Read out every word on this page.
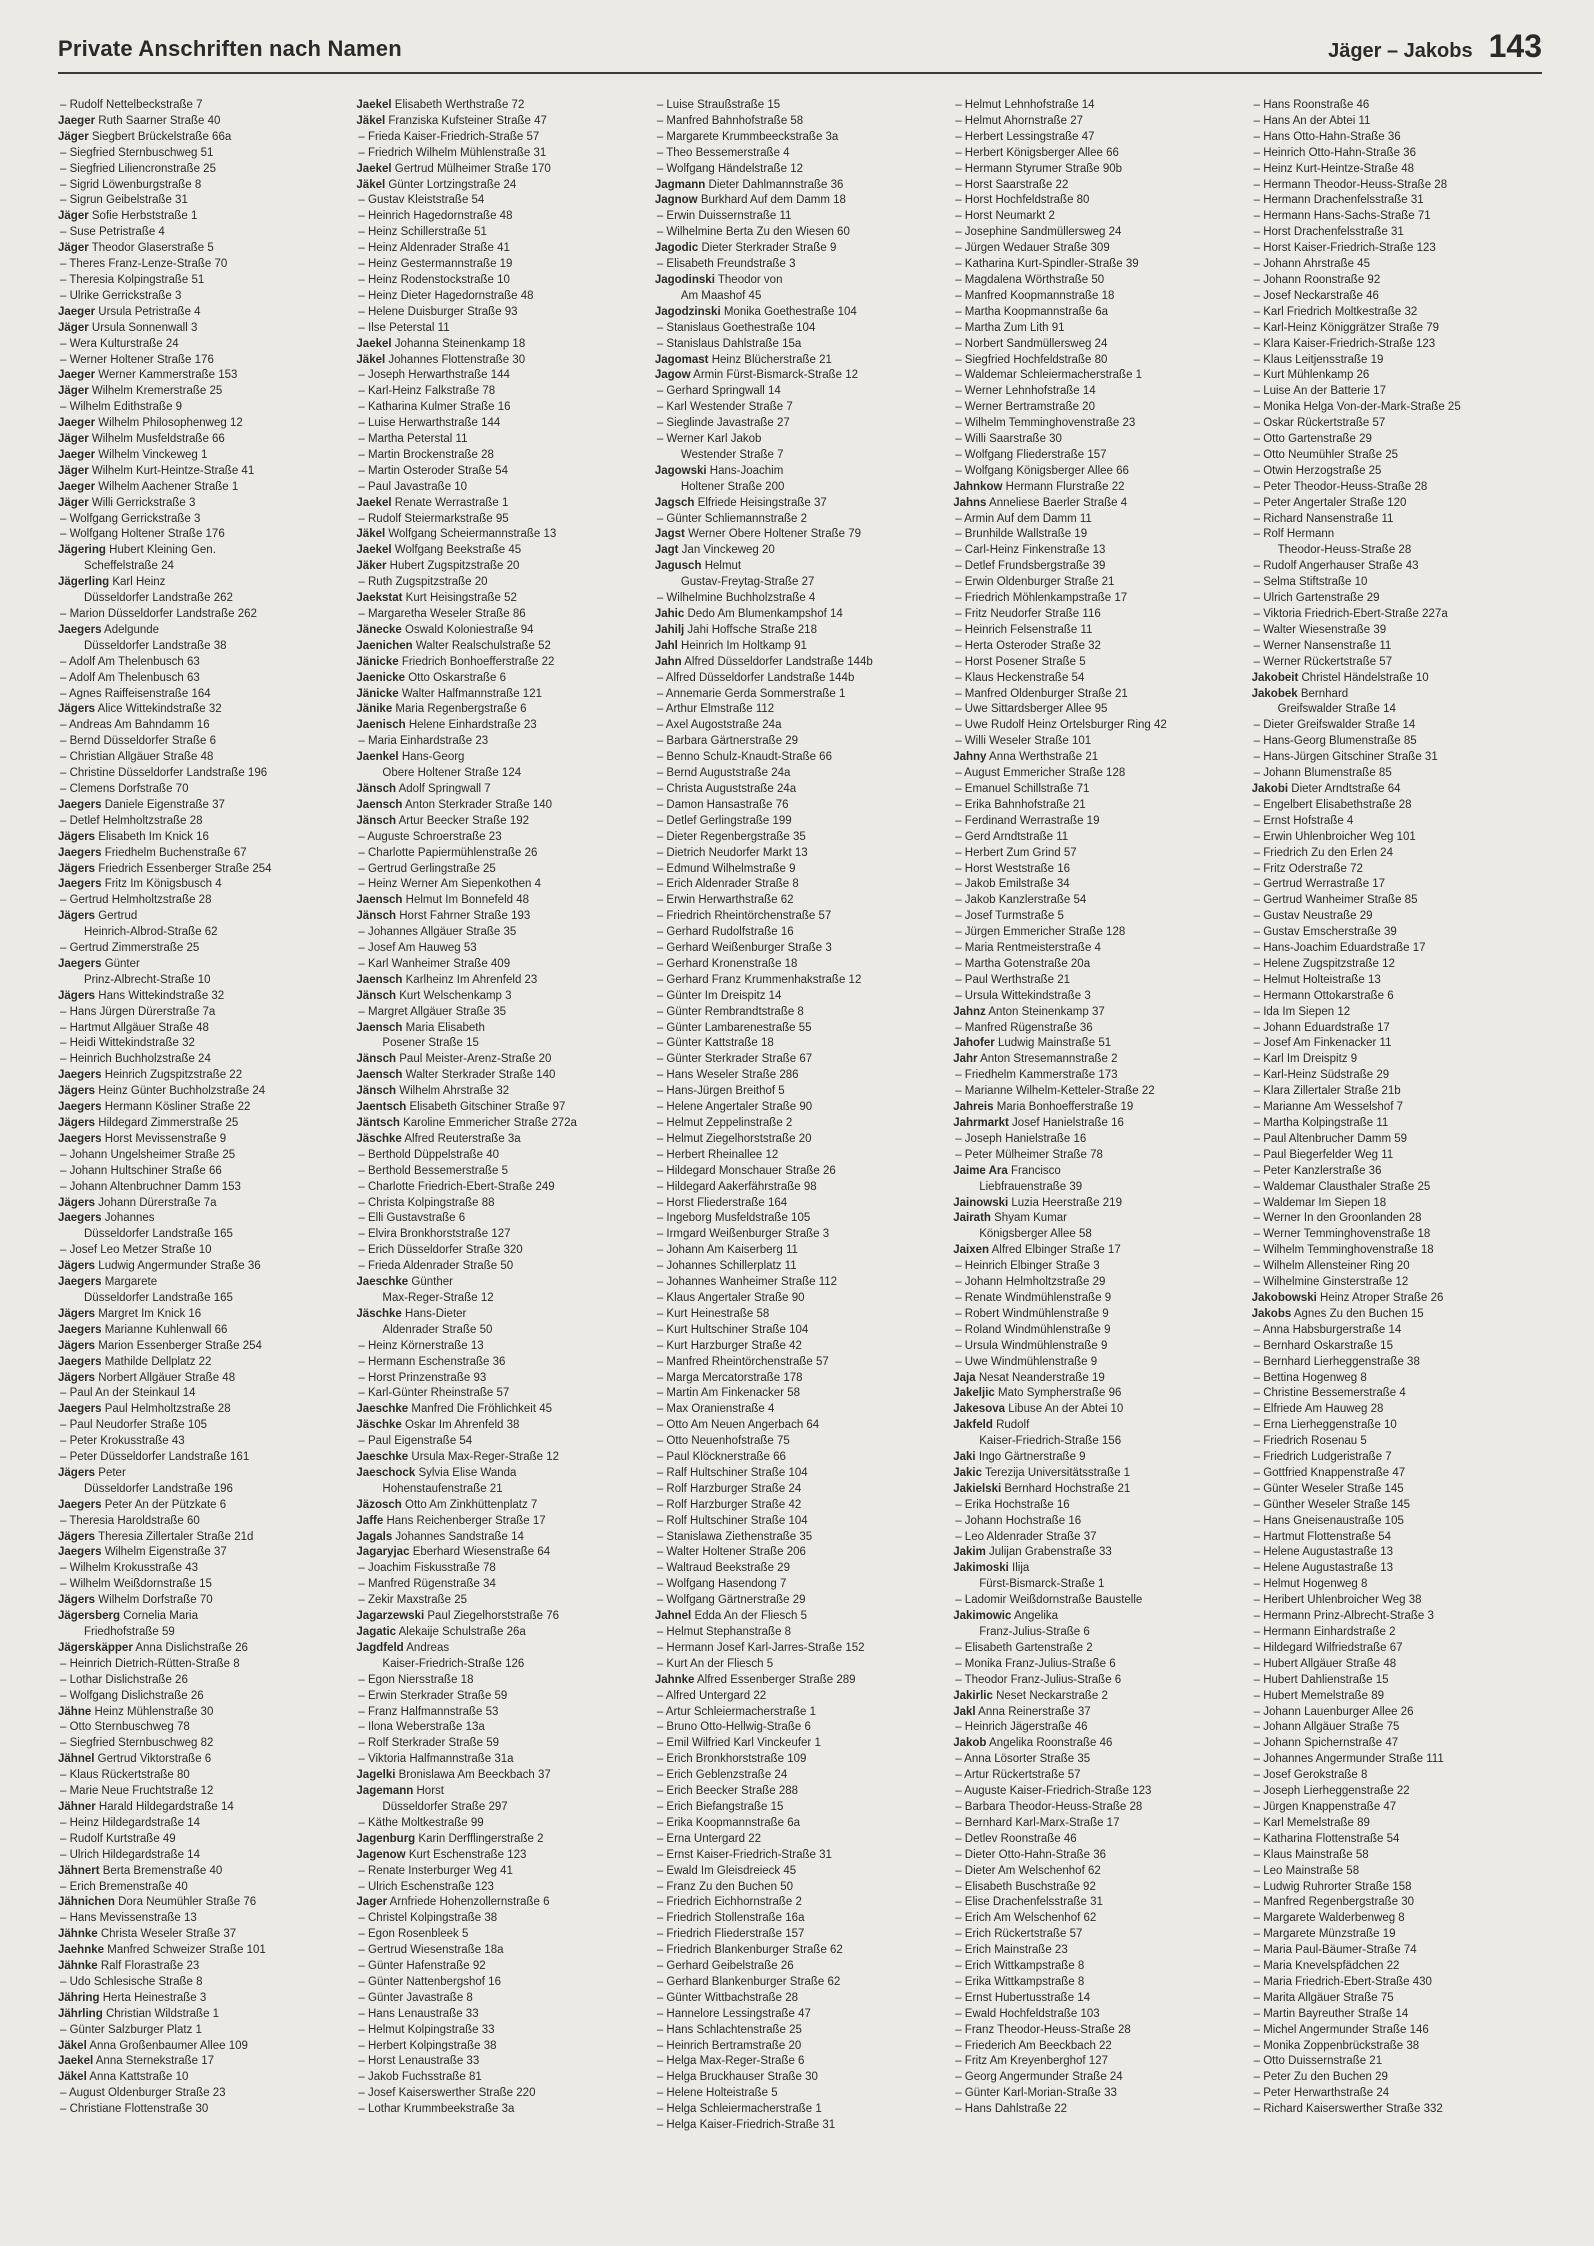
Private Anschriften nach Namen	Jäger – Jakobs 143
– Rudolf Nettelbeckstraße 7
Jaeger Ruth Saarner Straße 40
Jäger Siegbert Brückelstraße 66a
– Siegfried Sternbuschweg 51
– Siegfried Liliencronstraße 25
– Sigrid Löwenburgstraße 8
– Sigrun Geibelstraße 31
Jäger Sofie Herbststraße 1
– Suse Petristraße 4
Jäger Theodor Glaserstraße 5
– Theres Franz-Lenze-Straße 70
– Theresia Kolpingstraße 51
– Ulrike Gerrickstraße 3
Jaeger Ursula Petristraße 4
Jäger Ursula Sonnenwall 3
– Wera Kulturstraße 24
– Werner Holtener Straße 176
Jaeger Werner Kammerstraße 153
Jäger Wilhelm Kremerstraße 25
– Wilhelm Edithstraße 9
Jaeger Wilhelm Philosophenweg 12
Jäger Wilhelm Musfeldstraße 66
Jaeger Wilhelm Vinckeweg 1
Jäger Wilhelm Kurt-Heintze-Straße 41
Jaeger Wilhelm Aachener Straße 1
Jäger Willi Gerrickstraße 3
– Wolfgang Gerrickstraße 3
– Wolfgang Holtener Straße 176
Jägering Hubert Kleining Gen.
Scheffelstraße 24
Jägerling Karl Heinz
Düsseldorfer Landstraße 262
– Marion Düsseldorfer Landstraße 262
Jaegers Adelgunde
Düsseldorfer Landstraße 38
– Adolf Am Thelenbusch 63
– Adolf Am Thelenbusch 63
– Agnes Raiffeisenstraße 164
Jägers Alice Wittekindstraße 32
– Andreas Am Bahndamm 16
– Bernd Düsseldorfer Straße 6
– Christian Allgäuer Straße 48
– Christine Düsseldorfer Landstraße 196
– Clemens Dorfstraße 70
Jaegers Daniele Eigenstraße 37
– Detlef Helmholtzstraße 28
Jägers Elisabeth Im Knick 16
Jaegers Friedhelm Buchenstraße 67
Jägers Friedrich Essenberger Straße 254
Jaegers Fritz Im Königsbusch 4
– Gertrud Helmholtzstraße 28
Jägers Gertrud
Heinrich-Albrod-Straße 62
– Gertrud Zimmerstraße 25
Jaegers Günter
Prinz-Albrecht-Straße 10
Jägers Hans Wittekindstraße 32
– Hans Jürgen Dürerstraße 7a
– Hartmut Allgäuer Straße 48
– Heidi Wittekindstraße 32
– Heinrich Buchholzstraße 24
Jaegers Heinrich Zugspitzstraße 22
Jägers Heinz Günter Buchholzstraße 24
Jaegers Hermann Kösliner Straße 22
Jägers Hildegard Zimmerstraße 25
Jaegers Horst Mevissenstraße 9
– Johann Ungelsheimer Straße 25
– Johann Hultschiner Straße 66
– Johann Altenbruchner Damm 153
Jägers Johann Dürerstraße 7a
Jaegers Johannes
Düsseldorfer Landstraße 165
– Josef Leo Metzer Straße 10
Jägers Ludwig Angermunder Straße 36
Jaegers Margarete
Düsseldorfer Landstraße 165
Jägers Margret Im Knick 16
Jaegers Marianne Kuhlenwall 66
Jägers Marion Essenberger Straße 254
Jaegers Mathilde Dellplatz 22
Jägers Norbert Allgäuer Straße 48
– Paul An der Steinkaul 14
Jaegers Paul Helmholtzstraße 28
– Paul Neudorfer Straße 105
– Peter Krokusstraße 43
– Peter Düsseldorfer Landstraße 161
Jägers Peter
Düsseldorfer Landstraße 196
Jaegers Peter An der Pützkate 6
– Theresia Haroldstraße 60
Jägers Theresia Zillertaler Straße 21d
Jaegers Wilhelm Eigenstraße 37
– Wilhelm Krokusstraße 43
– Wilhelm Weißdornstraße 15
Jägers Wilhelm Dorfstraße 70
Jägersberg Cornelia Maria
Friedhofstraße 59
Jägerskäpper Anna Dislichstraße 26
– Heinrich Dietrich-Rütten-Straße 8
– Lothar Dislichstraße 26
– Wolfgang Dislichstraße 26
Jähne Heinz Mühlenstraße 30
– Otto Sternbuschweg 78
– Siegfried Sternbuschweg 82
Jähnel Gertrud Viktorstraße 6
– Klaus Rückertstraße 80
– Marie Neue Fruchtstraße 12
Jähner Harald Hildegardstraße 14
– Heinz Hildegardstraße 14
– Rudolf Kurtstraße 49
– Ulrich Hildegardstraße 14
Jähnert Berta Bremenstraße 40
– Erich Bremenstraße 40
Jähnichen Dora Neumühler Straße 76
– Hans Mevissenstraße 13
Jähnke Christa Weseler Straße 37
Jaehnke Manfred Schweizer Straße 101
Jähnke Ralf Florastraße 23
– Udo Schlesische Straße 8
Jähring Herta Heinestraße 3
Jährling Christian Wildstraße 1
– Günter Salzburger Platz 1
Jäkel Anna Großenbaumer Allee 109
Jaekel Anna Sternekstraße 17
Jäkel Anna Kattstraße 10
– August Oldenburger Straße 23
– Christiane Flottenstraße 30
Jaekel Elisabeth Werthstraße 72
Jäkel Franziska Kufsteiner Straße 47
– Frieda Kaiser-Friedrich-Straße 57
– Friedrich Wilhelm Mühlenstraße 31
Jaekel Gertrud Mülheimer Straße 170
Jäkel Günter Lortzingstraße 24
– Gustav Kleiststraße 54
– Heinrich Hagedornstraße 48
– Heinz Schillerstraße 51
– Heinz Aldenrader Straße 41
– Heinz Gestermannstraße 19
– Heinz Rodenstockstraße 10
– Heinz Dieter Hagedornstraße 48
– Helene Duisburger Straße 93
– Ilse Peterstal 11
Jaekel Johanna Steinenkamp 18
Jäkel Johannes Flottenstraße 30
– Joseph Herwarthstraße 144
– Karl-Heinz Falkstraße 78
– Katharina Kulmer Straße 16
– Luise Herwarthstraße 144
– Martha Peterstal 11
– Martin Brockenstraße 28
– Martin Osteroder Straße 54
– Paul Javastraße 10
Jaekel Renate Werrastraße 1
– Rudolf Steiermarkstraße 95
Jäkel Wolfgang Scheiermannstraße 13
Jaekel Wolfgang Beekstraße 45
Jäker Hubert Zugspitzstraße 20
– Ruth Zugspitzstraße 20
Jaekstat Kurt Heisingstraße 52
– Margaretha Weseler Straße 86
Jänecke Oswald Koloniestraße 94
Jaenichen Walter Realschulstraße 52
Jänicke Friedrich Bonhoefferstraße 22
Jaenicke Otto Oskarstraße 6
Jänicke Walter Halfmannstraße 121
Jänike Maria Regenbergstraße 6
Jaenisch Helene Einhardstraße 23
– Maria Einhardstraße 23
Jaenkel Hans-Georg
Obere Holtener Straße 124
Jänsch Adolf Springwall 7
Jaensch Anton Sterkrader Straße 140
Jänsch Artur Beecker Straße 192
– Auguste Schroerstraße 23
– Charlotte Papiermühlenstraße 26
– Gertrud Gerlingstraße 25
– Heinz Werner Am Siepenkothen 4
Jaensch Helmut Im Bonnefeld 48
Jänsch Horst Fahrner Straße 193
– Johannes Allgäuer Straße 35
– Josef Am Hauweg 53
– Karl Wanheimer Straße 409
Jaensch Karlheinz Im Ahrenfeld 23
Jänsch Kurt Welschenkamp 3
– Margret Allgäuer Straße 35
Jaensch Maria Elisabeth
Posener Straße 15
Jänsch Paul Meister-Arenz-Straße 20
Jaensch Walter Sterkrader Straße 140
Jänsch Wilhelm Ahrstraße 32
Jaentsch Elisabeth Gitschiner Straße 97
Jäntsch Karoline Emmericher Straße 272a
Jäschke Alfred Reuterstraße 3a
– Berthold Düppelstraße 40
– Berthold Bessemerstraße 5
– Charlotte Friedrich-Ebert-Straße 249
– Christa Kolpingstraße 88
– Elli Gustavstraße 6
– Elvira Bronkhorststraße 127
– Erich Düsseldorfer Straße 320
– Frieda Aldenrader Straße 50
Jaeschke Günther
Max-Reger-Straße 12
Jäschke Hans-Dieter
Aldenrader Straße 50
– Heinz Körnerstraße 13
– Hermann Eschenstraße 36
– Horst Prinzenstraße 93
– Karl-Günter Rheinstraße 57
Jaeschke Manfred Die Fröhlichkeit 45
Jäschke Oskar Im Ahrenfeld 38
– Paul Eigenstraße 54
Jaeschke Ursula Max-Reger-Straße 12
Jaeschock Sylvia Elise Wanda
Hohenstaufenstraße 21
Jäzosch Otto Am Zinkhüttenplatz 7
Jaffe Hans Reichenberger Straße 17
Jagals Johannes Sandstraße 14
Jagaryjac Eberhard Wiesenstraße 64
– Joachim Fiskusstraße 78
– Manfred Rügenstraße 34
– Zekir Maxstraße 25
Jagarzewski Paul Ziegelhorststraße 76
Jagatic Alekaije Schulstraße 26a
Jagdfeld Andreas
Kaiser-Friedrich-Straße 126
– Egon Niersstraße 18
– Erwin Sterkrader Straße 59
– Franz Halfmannstraße 53
– Ilona Weberstraße 13a
– Rolf Sterkrader Straße 59
– Viktoria Halfmannstraße 31a
Jagelki Bronislawa Am Beeckbach 37
Jagemann Horst
Düsseldorfer Straße 297
– Käthe Moltkestraße 99
Jagenburg Karin Derfflingerstraße 2
Jagenow Kurt Eschenstraße 123
– Renate Insterburger Weg 41
– Ulrich Eschenstraße 123
Jager Arnfriede Hohenzollernstraße 6
– Christel Kolpingstraße 38
– Egon Rosenbleek 5
– Gertrud Wiesenstraße 18a
– Günter Hafenstraße 92
– Günter Nattenbergshof 16
– Günter Javastraße 8
– Hans Lenaustraße 33
– Helmut Kolpingstraße 33
– Herbert Kolpingstraße 38
– Horst Lenaustraße 33
– Jakob Fuchsstraße 81
– Josef Kaiserswerther Straße 220
– Lothar Krummbeekstraße 3a
– Luise Straußstraße 15
– Manfred Bahnhofstraße 58
– Margarete Krummbeeckstraße 3a
– Theo Bessemerstraße 4
– Wolfgang Händelstraße 12
Jagmann Dieter Dahlmannstraße 36
Jagnow Burkhard Auf dem Damm 18
– Erwin Duissernstraße 11
– Wilhelmine Berta Zu den Wiesen 60
Jagodic Dieter Sterkrader Straße 9
– Elisabeth Freundstraße 3
Jagodinski Theodor von
Am Maashof 45
Jagodzinski Monika Goethestraße 104
– Stanislaus Goethestraße 104
– Stanislaus Dahlstraße 15a
Jagomast Heinz Blücherstraße 21
Jagow Armin Fürst-Bismarck-Straße 12
– Gerhard Springwall 14
– Karl Westender Straße 7
– Sieglinde Javastraße 27
– Werner Karl Jakob
Westender Straße 7
Jagowski Hans-Joachim
Holtener Straße 200
Jagsch Elfriede Heisingstraße 37
– Günter Schliemannstraße 2
Jagst Werner Obere Holtener Straße 79
Jagt Jan Vinckeweg 20
Jagusch Helmut
Gustav-Freytag-Straße 27
– Wilhelmine Buchholzstraße 4
Jahic Dedo Am Blumenkampshof 14
Jahilj Jahi Hoffsche Straße 218
Jahl Heinrich Im Holtkamp 91
Jahn Alfred Düsseldorfer Landstraße 144b
– Alfred Düsseldorfer Landstraße 144b
– Annemarie Gerda Sommerstraße 1
– Arthur Elmstraße 112
– Axel Augoststraße 24a
– Barbara Gärtnerstraße 29
– Benno Schulz-Knaudt-Straße 66
– Bernd Auguststraße 24a
– Christa Auguststraße 24a
– Damon Hansastraße 76
– Detlef Gerlingstraße 199
– Dieter Regenbergstraße 35
– Dietrich Neudorfer Markt 13
– Edmund Wilhelmstraße 9
– Erich Aldenrader Straße 8
– Erwin Herwarthstraße 62
– Friedrich Rheintörchenstraße 57
– Gerhard Rudolfstraße 16
– Gerhard Weißenburger Straße 3
– Gerhard Kronenstraße 18
– Gerhard Franz Krummenhakstraße 12
– Günter Im Dreispitz 14
– Günter Rembrandtstraße 8
– Günter Lambarenestraße 55
– Günter Kattstraße 18
– Günter Sterkrader Straße 67
– Hans Weseler Straße 286
– Hans-Jürgen Breithof 5
– Helene Angertaler Straße 90
– Helmut Zeppelinstraße 2
– Helmut Ziegelhorststraße 20
– Herbert Rheinallee 12
– Hildegard Monschauer Straße 26
– Hildegard Aakerfährstraße 98
– Horst Fliederstraße 164
– Ingeborg Musfeldstraße 105
– Irmgard Weißenburger Straße 3
– Johann Am Kaiserberg 11
– Johannes Schillerplatz 11
– Johannes Wanheimer Straße 112
– Klaus Angertaler Straße 90
– Kurt Heinestraße 58
– Kurt Hultschiner Straße 104
– Kurt Harzburger Straße 42
– Manfred Rheintörchenstraße 57
– Marga Mercatorstraße 178
– Martin Am Finkenacker 58
– Max Oranienstraße 4
– Otto Am Neuen Angerbach 64
– Otto Neuenhofstraße 75
– Paul Klöcknerstraße 66
– Ralf Hultschiner Straße 104
– Rolf Harzburger Straße 24
– Rolf Harzburger Straße 42
– Rolf Hultschiner Straße 104
– Stanislawa Ziethenstraße 35
– Walter Holtener Straße 206
– Waltraud Beekstraße 29
– Wolfgang Hasendong 7
– Wolfgang Gärtnerstraße 29
Jahnel Edda An der Fliesch 5
– Helmut Stephanstraße 8
– Hermann Josef Karl-Jarres-Straße 152
– Kurt An der Fliesch 5
Jahnke Alfred Essenberger Straße 289
– Alfred Untergard 22
– Artur Schleiermacherstraße 1
– Bruno Otto-Hellwig-Straße 6
– Emil Wilfried Karl Vinckeufer 1
– Erich Bronkhorststraße 109
– Erich Geblenzstraße 24
– Erich Beecker Straße 288
– Erich Biefangstraße 15
– Erika Koopmannstraße 6a
– Erna Untergard 22
– Ernst Kaiser-Friedrich-Straße 31
– Ewald Im Gleisdreieck 45
– Franz Zu den Buchen 50
– Friedrich Eichhornstraße 2
– Friedrich Stollenstraße 16a
– Friedrich Fliederstraße 157
– Friedrich Blankenburger Straße 62
– Gerhard Geibelstraße 26
– Gerhard Blankenburger Straße 62
– Günter Wittbachstraße 28
– Hannelore Lessingstraße 47
– Hans Schlachtenstraße 25
– Heinrich Bertramstraße 20
– Helga Max-Reger-Straße 6
– Helga Bruckhauser Straße 30
– Helene Holteistraße 5
– Helga Schleiermacherstraße 1
– Helga Kaiser-Friedrich-Straße 31
– Helmut Lehnhofstraße 14
– Helmut Ahornstraße 27
– Herbert Lessingstraße 47
– Herbert Königsberger Allee 66
– Hermann Styrumer Straße 90b
– Horst Saarstraße 22
– Horst Hochfeldstraße 80
– Horst Neumarkt 2
– Josephine Sandmüllersweg 24
– Jürgen Wedauer Straße 309
– Katharina Kurt-Spindler-Straße 39
– Magdalena Wörthstraße 50
– Manfred Koopmannstraße 18
– Martha Koopmannstraße 6a
– Martha Zum Lith 91
– Norbert Sandmüllersweg 24
– Siegfried Hochfeldstraße 80
– Waldemar Schleiermacherstraße 1
– Werner Lehnhofstraße 14
– Werner Bertramstraße 20
– Wilhelm Temminghovenstraße 23
– Willi Saarstraße 30
– Wolfgang Fliederstraße 157
– Wolfgang Königsberger Allee 66
Jahnkow Hermann Flurstraße 22
Jahns Anneliese Baerler Straße 4
– Armin Auf dem Damm 11
– Brunhilde Wallstraße 19
– Carl-Heinz Finkenstraße 13
– Detlef Frundsbergstraße 39
– Erwin Oldenburger Straße 21
– Friedrich Möhlenkampstraße 17
– Fritz Neudorfer Straße 116
– Heinrich Felsenstraße 11
– Herta Osteroder Straße 32
– Horst Posener Straße 5
– Klaus Heckenstraße 54
– Manfred Oldenburger Straße 21
– Uwe Sittardsberger Allee 95
– Uwe Rudolf Heinz Ortelsburger Ring 42
– Willi Weseler Straße 101
Jahny Anna Werthstraße 21
– August Emmericher Straße 128
– Emanuel Schillstraße 71
– Erika Bahnhofstraße 21
– Ferdinand Werrastraße 19
– Gerd Arndtstraße 11
– Herbert Zum Grind 57
– Horst Weststraße 16
– Jakob Emilstraße 34
– Jakob Kanzlerstraße 54
– Josef Turmstraße 5
– Jürgen Emmericher Straße 128
– Maria Rentmeisterstraße 4
– Martha Gotenstraße 20a
– Paul Werthstraße 21
– Ursula Wittekindstraße 3
Jahnz Anton Steinenkamp 37
– Manfred Rügenstraße 36
Jahofer Ludwig Mainstraße 51
Jahr Anton Stresemannstraße 2
– Friedhelm Kammerstraße 173
– Marianne Wilhelm-Ketteler-Straße 22
Jahreis Maria Bonhoefferstraße 19
Jahrmarkt Josef Hanielstraße 16
– Joseph Hanielstraße 16
– Peter Mülheimer Straße 78
Jaime Ara Francisco
Liebfrauenstraße 39
Jainowski Luzia Heerstraße 219
Jairath Shyam Kumar
Königsberger Allee 58
Jaixen Alfred Elbinger Straße 17
– Heinrich Elbinger Straße 3
– Johann Helmholtzstraße 29
– Renate Windmühlenstraße 9
– Robert Windmühlenstraße 9
– Roland Windmühlenstraße 9
– Ursula Windmühlenstraße 9
– Uwe Windmühlenstraße 9
Jaja Nesat Neanderstraße 19
Jakeljic Mato Sympherstraße 96
Jakesova Libuse An der Abtei 10
Jakfeld Rudolf
Kaiser-Friedrich-Straße 156
Jaki Ingo Gärtnerstraße 9
Jakic Terezija Universitätsstraße 1
Jakielski Bernhard Hochstraße 21
– Erika Hochstraße 16
– Johann Hochstraße 16
– Leo Aldenrader Straße 37
Jakim Julijan Grabenstraße 33
Jakimoski Ilija
Fürst-Bismarck-Straße 1
– Ladomir Weißdornstraße Baustelle
Jakimowic Angelika
Franz-Julius-Straße 6
– Elisabeth Gartenstraße 2
– Monika Franz-Julius-Straße 6
– Theodor Franz-Julius-Straße 6
Jakirlic Neset Neckarstraße 2
Jakl Anna Reinerstraße 37
– Heinrich Jägerstraße 46
Jakob Angelika Roonstraße 46
– Anna Lösorter Straße 35
– Artur Rückertstraße 57
– Auguste Kaiser-Friedrich-Straße 123
– Barbara Theodor-Heuss-Straße 28
– Bernhard Karl-Marx-Straße 17
– Detlev Roonstraße 46
– Dieter Otto-Hahn-Straße 36
– Dieter Am Welschenhof 62
– Elisabeth Buschstraße 92
– Elise Drachenfelsstraße 31
– Erich Am Welschenhof 62
– Erich Rückertstraße 57
– Erich Mainstraße 23
– Erich Wittkampstraße 8
– Erika Wittkampstraße 8
– Ernst Hubertusstraße 14
– Ewald Hochfeldstraße 103
– Franz Theodor-Heuss-Straße 28
– Friederich Am Beeckbach 22
– Fritz Am Kreyenberghof 127
– Georg Angermunder Straße 24
– Günter Karl-Morian-Straße 33
– Hans Dahlstraße 22
– Hans Roonstraße 46
– Hans An der Abtei 11
– Hans Otto-Hahn-Straße 36
– Heinrich Otto-Hahn-Straße 36
– Heinz Kurt-Heintze-Straße 48
– Hermann Theodor-Heuss-Straße 28
– Hermann Drachenfelsstraße 31
– Hermann Hans-Sachs-Straße 71
– Horst Drachenfelsstraße 31
– Horst Kaiser-Friedrich-Straße 123
– Johann Ahrstraße 45
– Johann Roonstraße 92
– Josef Neckarstraße 46
– Karl Friedrich Moltkestraße 32
– Karl-Heinz Königgrätzer Straße 79
– Klara Kaiser-Friedrich-Straße 123
– Klaus Leitjensstraße 19
– Kurt Mühlenkamp 26
– Luise An der Batterie 17
– Monika Helga Von-der-Mark-Straße 25
– Oskar Rückertstraße 57
– Otto Gartenstraße 29
– Otto Neumühler Straße 25
– Otwin Herzogstraße 25
– Peter Theodor-Heuss-Straße 28
– Peter Angertaler Straße 120
– Richard Nansenstraße 11
– Rolf Hermann
Theodor-Heuss-Straße 28
– Rudolf Angerhauser Straße 43
– Selma Stiftstraße 10
– Ulrich Gartenstraße 29
– Viktoria Friedrich-Ebert-Straße 227a
– Walter Wiesenstraße 39
– Werner Nansenstraße 11
– Werner Rückertstraße 57
Jakobeit Christel Händelstraße 10
Jakobek Bernhard
Greifswalder Straße 14
– Dieter Greifswalder Straße 14
– Hans-Georg Blumenstraße 85
– Hans-Jürgen Gitschiner Straße 31
– Johann Blumenstraße 85
Jakobi Dieter Arndtstraße 64
– Engelbert Elisabethstraße 28
– Ernst Hofstraße 4
– Erwin Uhlenbroicher Weg 101
– Friedrich Zu den Erlen 24
– Fritz Oderstraße 72
– Gertrud Werrastraße 17
– Gertrud Wanheimer Straße 85
– Gustav Neustraße 29
– Gustav Emscherstraße 39
– Hans-Joachim Eduardstraße 17
– Helene Zugspitzstraße 12
– Helmut Holteistraße 13
– Hermann Ottokarstraße 6
– Ida Im Siepen 12
– Johann Eduardstraße 17
– Josef Am Finkenacker 11
– Karl Im Dreispitz 9
– Karl-Heinz Südstraße 29
– Klara Zillertaler Straße 21b
– Marianne Am Wesselshof 7
– Martha Kolpingstraße 11
– Paul Altenbrucher Damm 59
– Paul Biegerfelder Weg 11
– Peter Kanzlerstraße 36
– Waldemar Clausthaler Straße 25
– Waldemar Im Siepen 18
– Werner In den Groonlanden 28
– Werner Temminghovenstraße 18
– Wilhelm Temminghovenstraße 18
– Wilhelm Allensteiner Ring 20
– Wilhelmine Ginsterstraße 12
Jakobowski Heinz Atroper Straße 26
Jakobs Agnes Zu den Buchen 15
– Anna Habsburgerstraße 14
– Bernhard Oskarstraße 15
– Bernhard Lierheggenstraße 38
– Bettina Hogenweg 8
– Christine Bessemerstraße 4
– Elfriede Am Hauweg 28
– Erna Lierheggenstraße 10
– Friedrich Rosenau 5
– Friedrich Ludgeristraße 7
– Gottfried Knappenstraße 47
– Günter Weseler Straße 145
– Günther Weseler Straße 145
– Hans Gneisenaustraße 105
– Hartmut Flottenstraße 54
– Helene Augustastraße 13
– Helene Augustastraße 13
– Helmut Hogenweg 8
– Heribert Uhlenbroicher Weg 38
– Hermann Prinz-Albrecht-Straße 3
– Hermann Einhardstraße 2
– Hildegard Wilfriedstraße 67
– Hubert Allgäuer Straße 48
– Hubert Dahlienstraße 15
– Hubert Memelstraße 89
– Johann Lauenburger Allee 26
– Johann Allgäuer Straße 75
– Johann Spichernstraße 47
– Johannes Angermunder Straße 111
– Josef Gerokstraße 8
– Joseph Lierheggenstraße 22
– Jürgen Knappenstraße 47
– Karl Memelstraße 89
– Katharina Flottenstraße 54
– Klaus Mainstraße 58
– Leo Mainstraße 58
– Ludwig Ruhrorter Straße 158
– Manfred Regenbergstraße 30
– Margarete Walderbenweg 8
– Margarete Münzstraße 19
– Maria Paul-Bäumer-Straße 74
– Maria Knevelspfädchen 22
– Maria Friedrich-Ebert-Straße 430
– Marita Allgäuer Straße 75
– Martin Bayreuther Straße 14
– Michel Angermunder Straße 146
– Monika Zoppenbrückstraße 38
– Otto Duissernstraße 21
– Peter Zu den Buchen 29
– Peter Herwarthstraße 24
– Richard Kaiserswerther Straße 332
